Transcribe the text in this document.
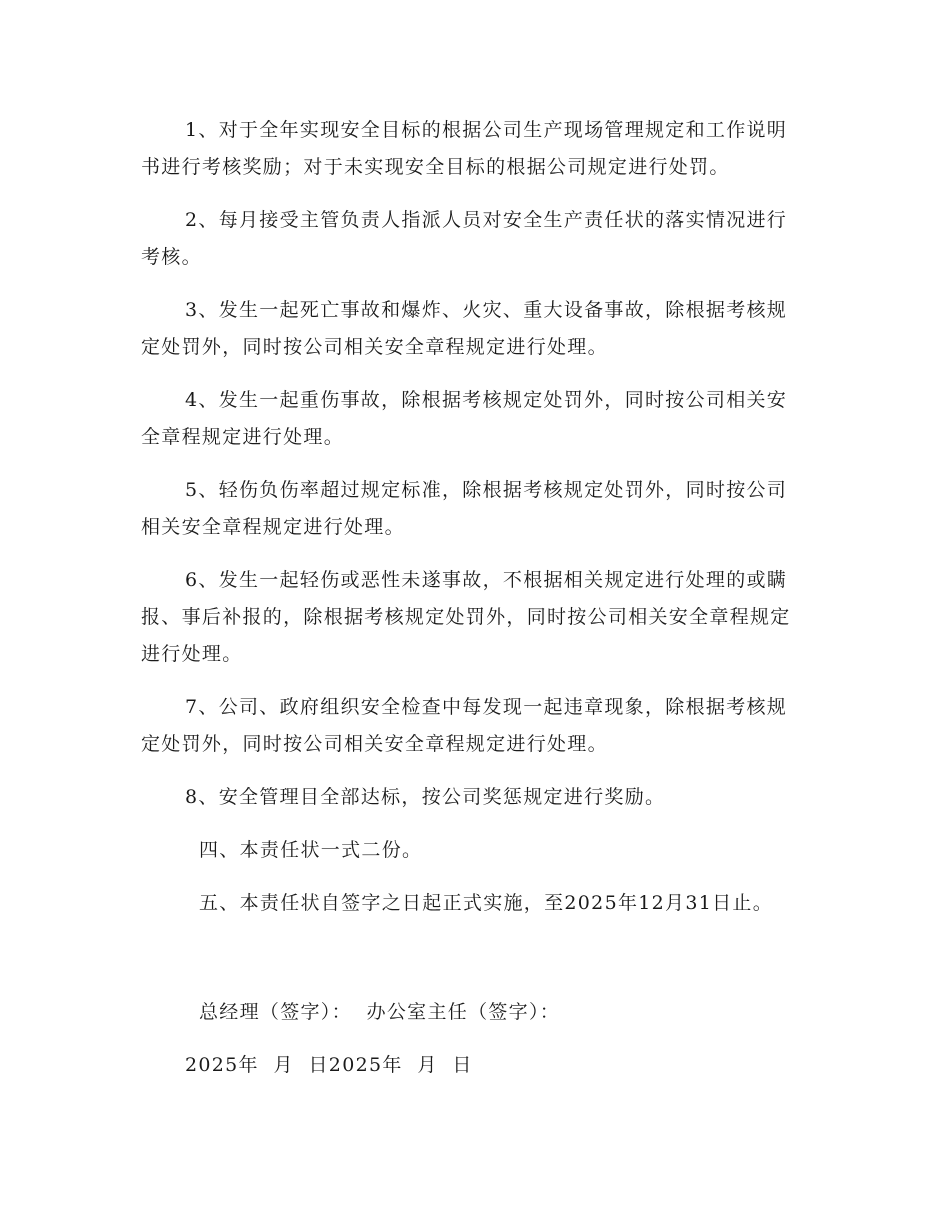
1、对于全年实现安全目标的根据公司生产现场管理规定和工作说明书进行考核奖励；对于未实现安全目标的根据公司规定进行处罚。

2、每月接受主管负责人指派人员对安全生产责任状的落实情况进行考核。

3、发生一起死亡事故和爆炸、火灾、重大设备事故，除根据考核规定处罚外，同时按公司相关安全章程规定进行处理。

4、发生一起重伤事故，除根据考核规定处罚外，同时按公司相关安全章程规定进行处理。

5、轻伤负伤率超过规定标准，除根据考核规定处罚外，同时按公司相关安全章程规定进行处理。

6、发生一起轻伤或恶性未遂事故，不根据相关规定进行处理的或瞒报、事后补报的，除根据考核规定处罚外，同时按公司相关安全章程规定进行处理。

7、公司、政府组织安全检查中每发现一起违章现象，除根据考核规定处罚外，同时按公司相关安全章程规定进行处理。

8、安全管理目全部达标，按公司奖惩规定进行奖励。

四、本责任状一式二份。

五、本责任状自签字之日起正式实施，至2025年12月31日止。

总经理（签字）：  办公室主任（签字）：

2025年  月  日2025年  月  日
